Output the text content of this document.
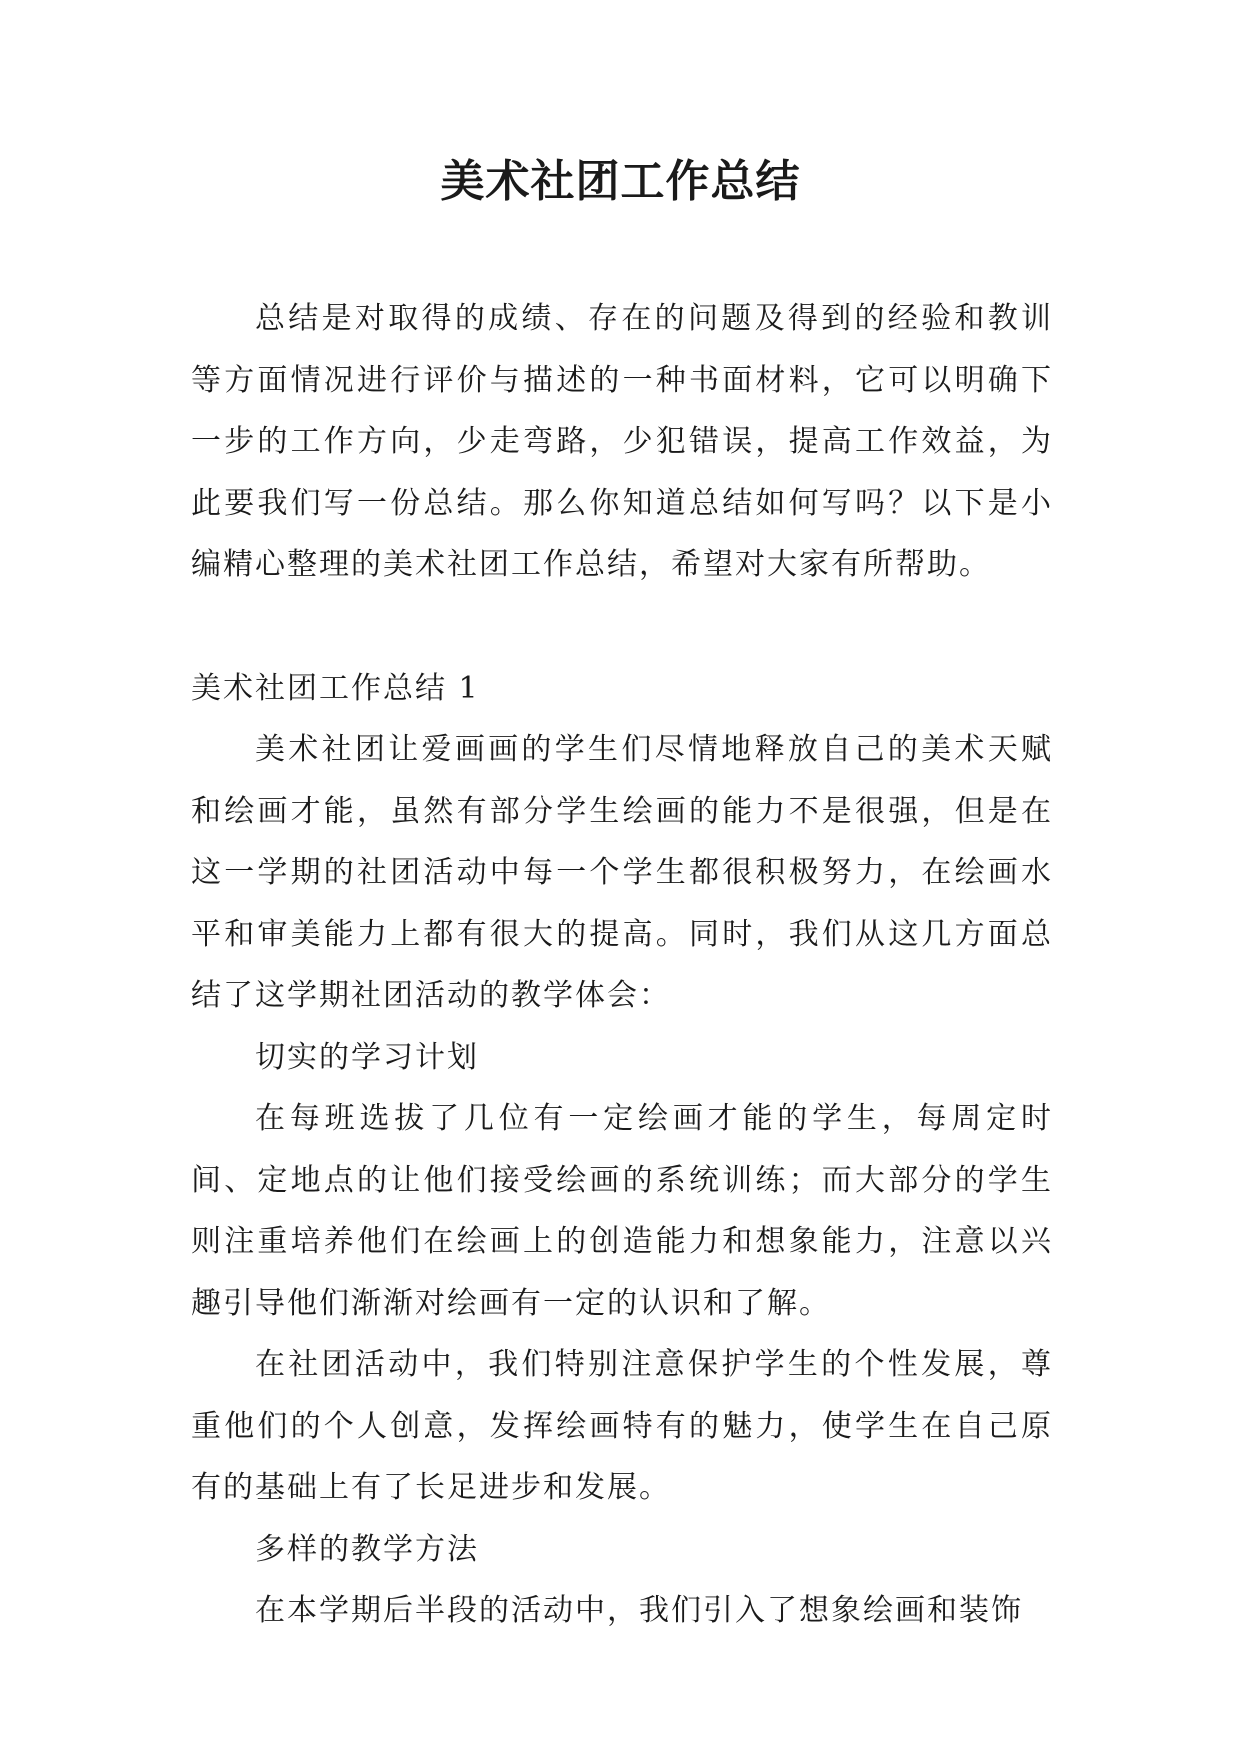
美术社团工作总结

总结是对取得的成绩、存在的问题及得到的经验和教训等方面情况进行评价与描述的一种书面材料，它可以明确下一步的工作方向，少走弯路，少犯错误，提高工作效益，为此要我们写一份总结。那么你知道总结如何写吗？以下是小编精心整理的美术社团工作总结，希望对大家有所帮助。

美术社团工作总结 1

美术社团让爱画画的学生们尽情地释放自己的美术天赋和绘画才能，虽然有部分学生绘画的能力不是很强，但是在这一学期的社团活动中每一个学生都很积极努力，在绘画水平和审美能力上都有很大的提高。同时，我们从这几方面总结了这学期社团活动的教学体会：

切实的学习计划

在每班选拔了几位有一定绘画才能的学生，每周定时间、定地点的让他们接受绘画的系统训练；而大部分的学生则注重培养他们在绘画上的创造能力和想象能力，注意以兴趣引导他们渐渐对绘画有一定的认识和了解。

在社团活动中，我们特别注意保护学生的个性发展，尊重他们的个人创意，发挥绘画特有的魅力，使学生在自己原有的基础上有了长足进步和发展。

多样的教学方法

在本学期后半段的活动中，我们引入了想象绘画和装饰
